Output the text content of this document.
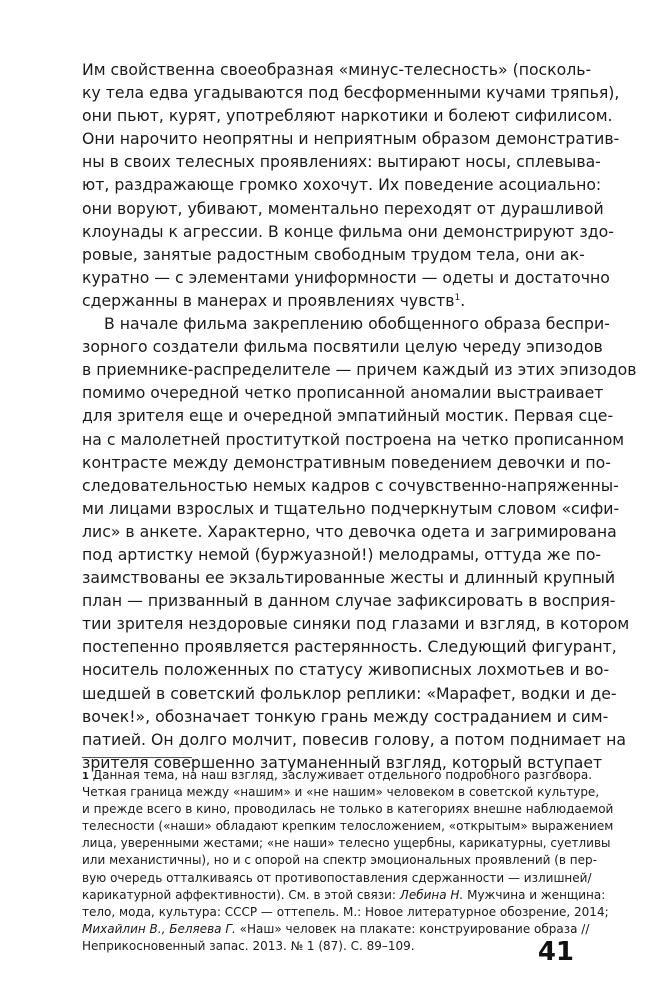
Им свойственна своеобразная «минус-телесность» (посколь-
ку тела едва угадываются под бесформенными кучами тряпья),
они пьют, курят, употребляют наркотики и болеют сифилисом.
Они нарочито неопрятны и неприятным образом демонстратив-
ны в своих телесных проявлениях: вытирают носы, сплевыва-
ют, раздражающе громко хохочут. Их поведение асоциально:
они воруют, убивают, моментально переходят от дурашливой
клоунады к агрессии. В конце фильма они демонстрируют здо-
ровые, занятые радостным свободным трудом тела, они ак-
куратно — с элементами униформности — одеты и достаточно
сдержанны в манерах и проявлениях чувств$^1$.
В начале фильма закреплению обобщенного образа беспри-
зорного создатели фильма посвятили целую череду эпизодов
в приемнике-распределителе — причем каждый из этих эпизодов
помимо очередной четко прописанной аномалии выстраивает
для зрителя еще и очередной эмпатийный мостик. Первая сце-
на с малолетней проституткой построена на четко прописанном
контрасте между демонстративным поведением девочки и по-
следовательностью немых кадров с сочувственно-напряженны-
ми лицами взрослых и тщательно подчеркнутым словом «сифи-
лис» в анкете. Характерно, что девочка одета и загримирована
под артистку немой (буржуазной!) мелодрамы, оттуда же по-
заимствованы ее экзальтированные жесты и длинный крупный
план — призванный в данном случае зафиксировать в восприя-
тии зрителя нездоровые синяки под глазами и взгляд, в котором
постепенно проявляется растерянность. Следующий фигурант,
носитель положенных по статусу живописных лохмотьев и во-
шедшей в советский фольклор реплики: «Марафет, водки и де-
вочек!», обозначает тонкую грань между состраданием и сим-
патией. Он долго молчит, повесив голову, а потом поднимает на
зрителя совершенно затуманенный взгляд, который вступает
1 Данная тема, на наш взгляд, заслуживает отдельного подробного разговора.
Четкая граница между «нашим» и «не нашим» человеком в советской культуре,
и прежде всего в кино, проводилась не только в категориях внешне наблюдаемой
телесности («наши» обладают крепким телосложением, «открытым» выражением
лица, уверенными жестами; «не наши» телесно ущербны, карикатурны, суетливы
или механистичны), но и с опорой на спектр эмоциональных проявлений (в пер-
вую очередь отталкиваясь от противопоставления сдержанности — излишней/
карикатурной аффективности). См. в этой связи: Лебина Н. Мужчина и женщина:
тело, мода, культура: СССР — оттепель. М.: Новое литературное обозрение, 2014;
Михайлин В., Беляева Г. «Наш» человек на плакате: конструирование образа //
Неприкосновенный запас. 2013. № 1 (87). С. 89–109.	41
